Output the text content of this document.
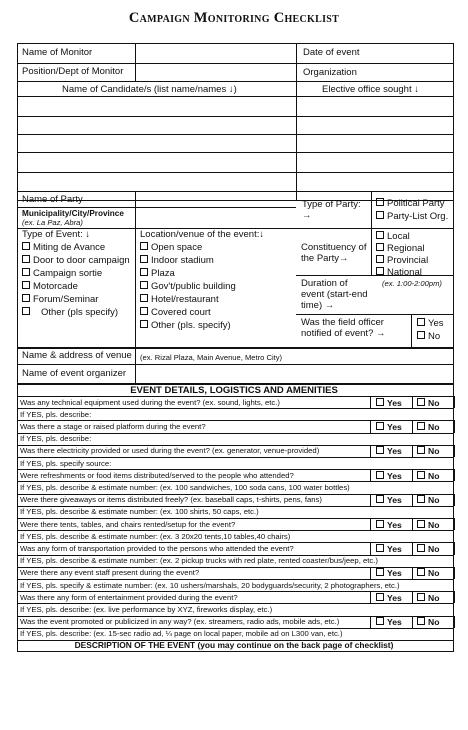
Campaign Monitoring Checklist
Name of Monitor	Date of event
Position/Dept of Monitor	Organization
Name of Candidate/s (list name/names ↓)	Elective office sought ↓
Name of Party
Municipality/City/Province
(ex. La Paz, Abra)
Type of Party: →
Political Party
Party-List Org.
Type of Event: ↓
Miting de Avance
Door to door campaign
Campaign sortie
Motorcade
Forum/Seminar
Other (pls specify)
Location/venue of the event:↓
Open space
Indoor stadium
Plaza
Gov't/public building
Hotel/restaurant
Covered court
Other (pls. specify)
Constituency of the Party→
Local
Regional
Provincial
National
Duration of event (start-end time) →
(ex. 1:00-2:00pm)
Was the field officer notified of event? →
Yes
No
Name & address of venue (ex. Rizal Plaza, Main Avenue, Metro City)
Name of event organizer
EVENT DETAILS, LOGISTICS AND AMENITIES
Was any technical equipment used during the event? (ex. sound, lights, etc.)	Yes	No
If YES, pls. describe:
Was there a stage or raised platform during the event?	Yes	No
If YES, pls. describe:
Was there electricity provided or used during the event? (ex. generator, venue-provided)	Yes	No
If YES, pls. specify source:
Were refreshments or food items distributed/served to the people who attended?	Yes	No
If YES, pls. describe & estimate number: (ex. 100 sandwiches, 100 soda cans, 100 water bottles)
Were there giveaways or items distributed freely? (ex. baseball caps, t-shirts, pens, fans)	Yes	No
If YES, pls. describe & estimate number: (ex. 100 shirts, 50 caps, etc.)
Were there tents, tables, and chairs rented/setup for the event?	Yes	No
If YES, pls. describe & estimate number: (ex. 3 20x20 tents,10 tables,40 chairs)
Was any form of transportation provided to the persons who attended the event?	Yes	No
If YES, pls. describe & estimate number: (ex. 2 pickup trucks with red plate, rented coaster/bus/jeep, etc.)
Were there any event staff present during the event?	Yes	No
If YES, pls. specify & estimate number: (ex. 10 ushers/marshals, 20 bodyguards/security, 2 photographers, etc.)
Was there any form of entertainment provided during the event?	Yes	No
If YES, pls. describe: (ex. live performance by XYZ, fireworks display, etc.)
Was the event promoted or publicized in any way? (ex. streamers, radio ads, mobile ads, etc.)	Yes	No
If YES, pls. describe: (ex. 15-sec radio ad, ¼ page on local paper, mobile ad on L300 van, etc.)
DESCRIPTION OF THE EVENT (you may continue on the back page of checklist)
